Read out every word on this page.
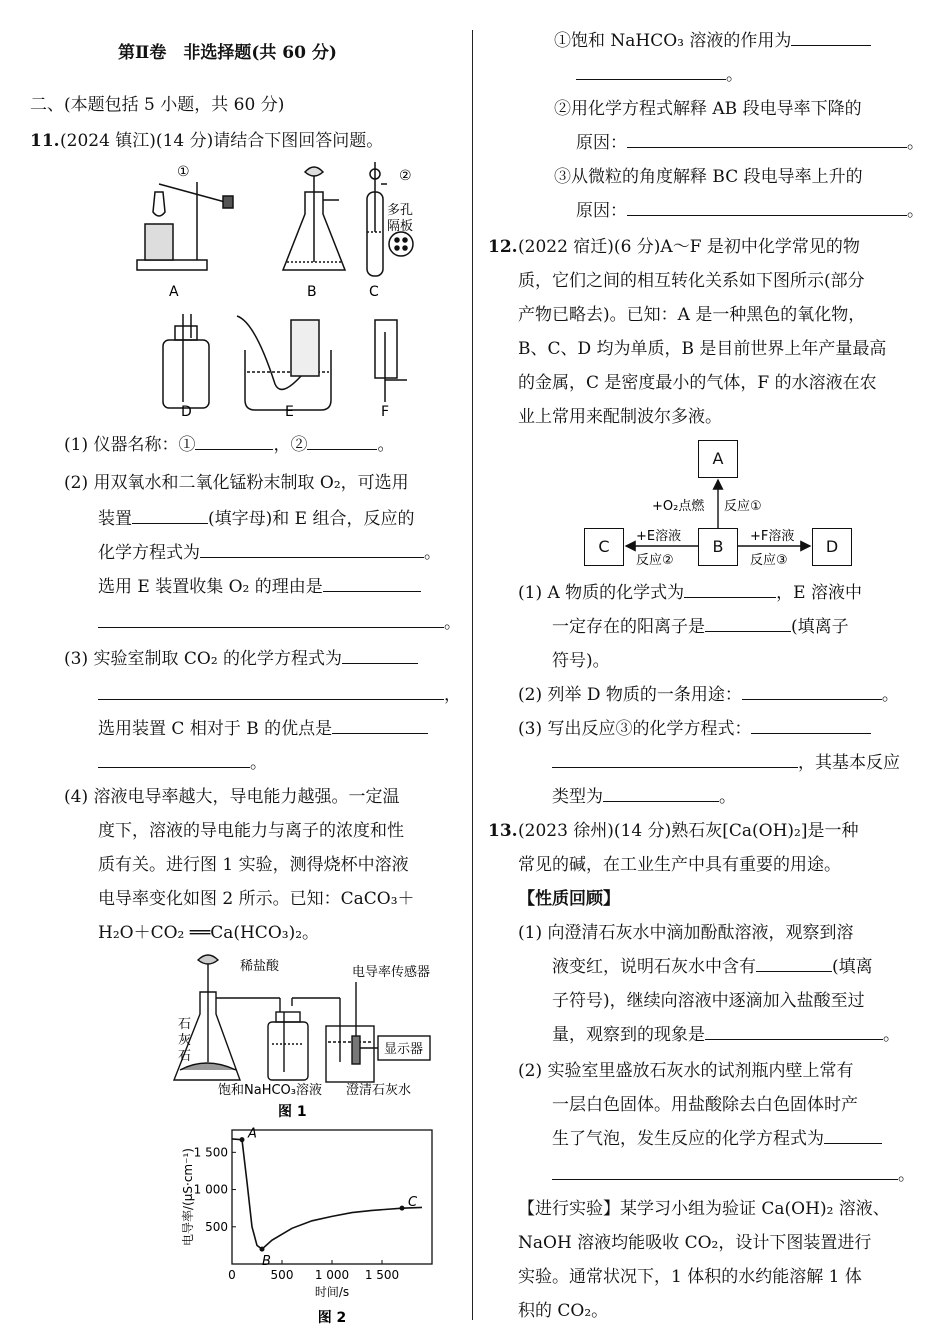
第Ⅱ卷　非选择题(共 60 分)
二、(本题包括 5 小题，共 60 分)
11. (2024 镇江)(14 分)请结合下图回答问题。
①	②
多孔
隔板
A	B	C
D	E	F
(1) 仪器名称：①	，②	。
(2) 用双氧水和二氧化锰粉末制取 O₂，可选用
装置	(填字母)和 E 组合，反应的
化学方程式为	。
选用 E 装置收集 O₂ 的理由是
。
(3) 实验室制取 CO₂ 的化学方程式为
，
选用装置 C 相对于 B 的优点是
。
(4) 溶液电导率越大，导电能力越强。一定温
度下，溶液的导电能力与离子的浓度和性
质有关。进行图 1 实验，测得烧杯中溶液
电导率变化如图 2 所示。已知：CaCO₃＋
H₂O＋CO₂ ══Ca(HCO₃)₂。
稀盐酸	电导率传感器
石
灰
石	显示器
饱和NaHCO₃溶液 澄清石灰水
图 1
0	500 1 000 1 500
500
1 000
1 500
时间/s
电导率/(μS·cm⁻¹)
A
B
C
图 2
①饱和 NaHCO₃ 溶液的作用为
。
②用化学方程式解释 AB 段电导率下降的
原因：	。
③从微粒的角度解释 BC 段电导率上升的
原因：	。
12. (2022 宿迁)(6 分)A～F 是初中化学常见的物
质，它们之间的相互转化关系如下图所示(部分
产物已略去)。已知：A 是一种黑色的氧化物，
B、C、D 均为单质，B 是目前世界上年产量最高
的金属，C 是密度最小的气体，F 的水溶液在农
业上常用来配制波尔多液。
A
B
C	D
+O₂点燃 反应①
+E溶液
反应②
+F溶液
反应③
(1) A 物质的化学式为	，E 溶液中
一定存在的阳离子是	(填离子
符号)。
(2) 列举 D 物质的一条用途：	。
(3) 写出反应③的化学方程式：
，其基本反应
类型为	。
13. (2023 徐州)(14 分)熟石灰[Ca(OH)₂]是一种
常见的碱，在工业生产中具有重要的用途。
【性质回顾】
(1) 向澄清石灰水中滴加酚酞溶液，观察到溶
液变红，说明石灰水中含有	(填离
子符号)，继续向溶液中逐滴加入盐酸至过
量，观察到的现象是	。
(2) 实验室里盛放石灰水的试剂瓶内壁上常有
一层白色固体。用盐酸除去白色固体时产
生了气泡，发生反应的化学方程式为
。
【进行实验】某学习小组为验证 Ca(OH)₂ 溶液、
NaOH 溶液均能吸收 CO₂，设计下图装置进行
实验。通常状况下，1 体积的水约能溶解 1 体
积的 CO₂。
